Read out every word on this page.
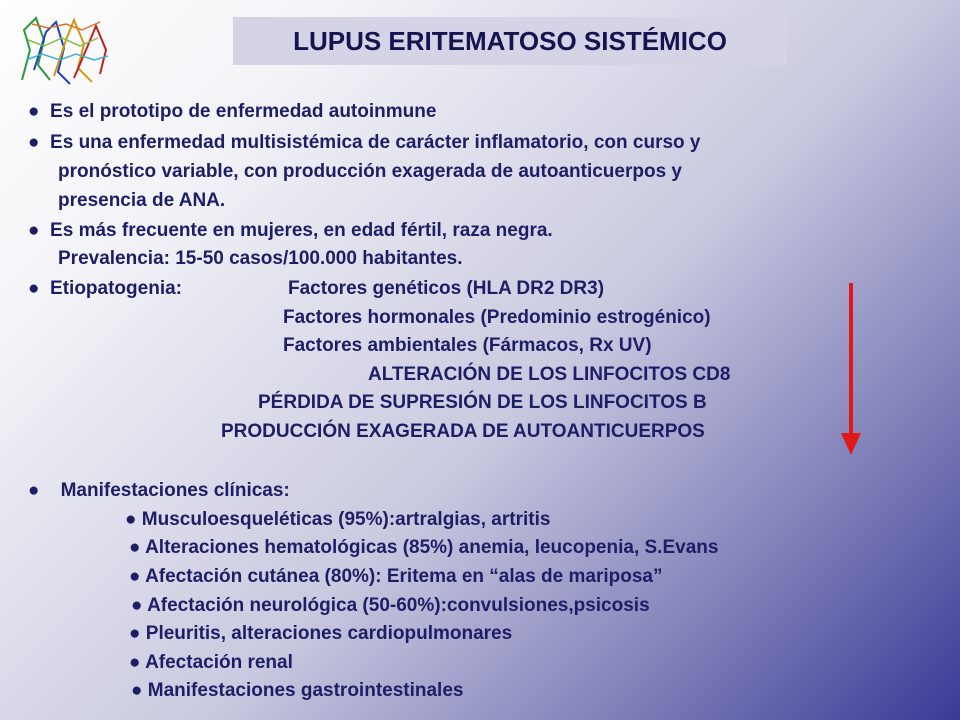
LUPUS ERITEMATOSO SISTÉMICO

● Es el prototipo de enfermedad autoinmune

● Es una enfermedad multisistémica de carácter inflamatorio, con curso y

pronóstico variable, con producción exagerada de autoanticuerpos y

presencia de ANA.

● Es más frecuente en mujeres, en edad fértil, raza negra.

Prevalencia: 15-50 casos/100.000 habitantes.

● Etiopatogenia:	Factores genéticos (HLA DR2 DR3)

Factores hormonales (Predominio estrogénico)

Factores ambientales (Fármacos, Rx UV)

ALTERACIÓN DE LOS LINFOCITOS CD8

PÉRDIDA DE SUPRESIÓN DE LOS LINFOCITOS B

PRODUCCIÓN EXAGERADA DE AUTOANTICUERPOS

● Manifestaciones clínicas:

● Musculoesqueléticas (95%):artralgias, artritis

● Alteraciones hematológicas (85%) anemia, leucopenia, S.Evans

● Afectación cutánea (80%): Eritema en “alas de mariposa”

● Afectación neurológica (50-60%):convulsiones,psicosis

● Pleuritis, alteraciones cardiopulmonares

● Afectación renal

● Manifestaciones gastrointestinales
